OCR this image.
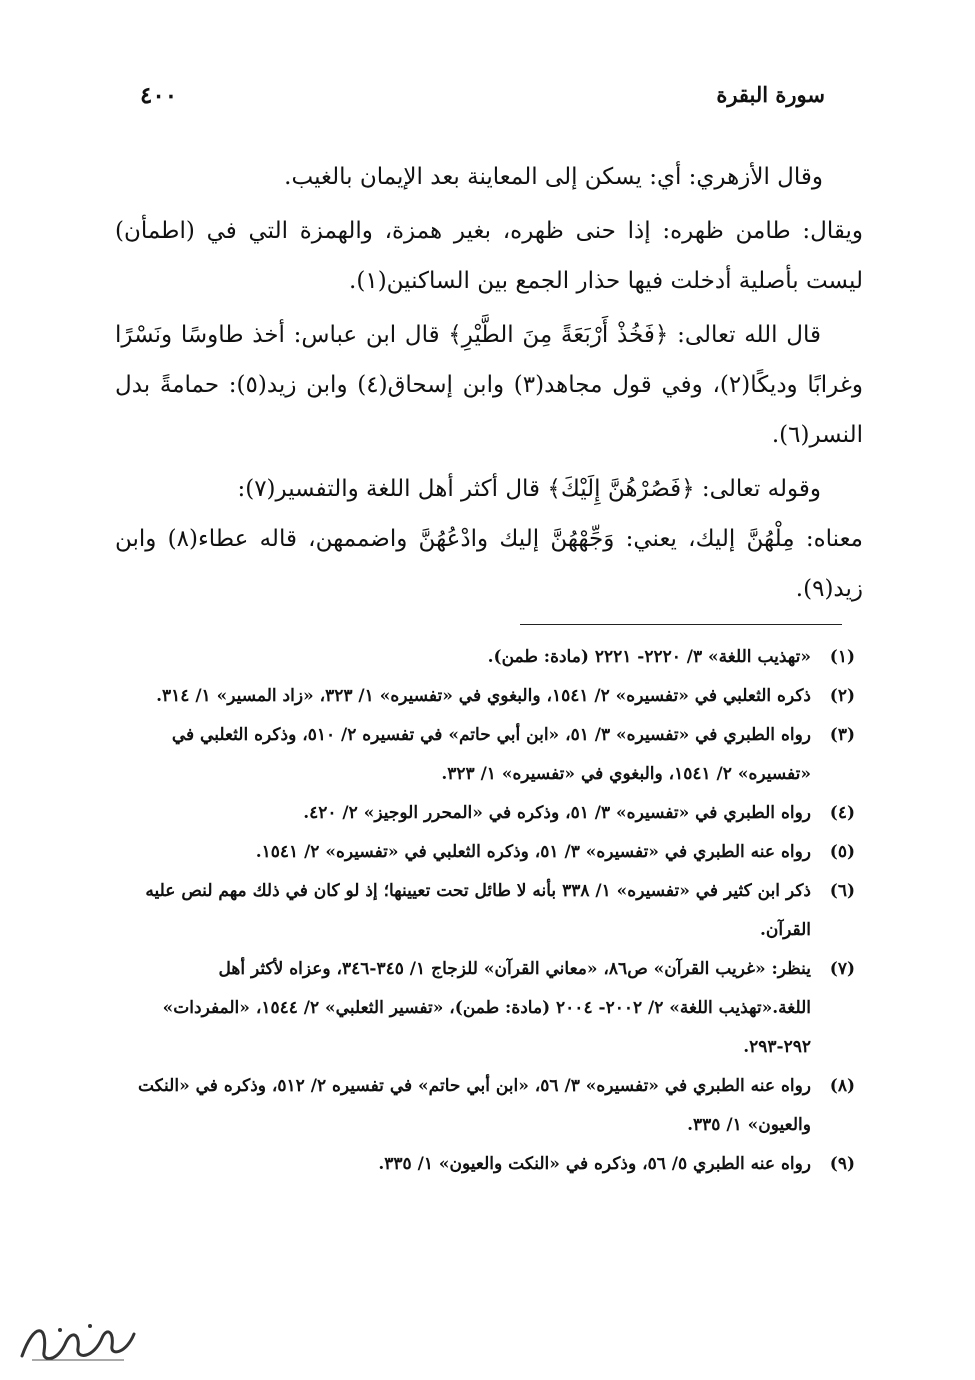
سورة البقرة
٤٠٠

وقال الأزهري: أي: يسكن إلى المعاينة بعد الإيمان بالغيب.

ويقال: طامن ظهره: إذا حنى ظهره، بغير همزة، والهمزة التي في (اطمأن) ليست بأصلية أدخلت فيها حذار الجمع بين الساكنين(١).

قال الله تعالى: ﴿فَخُذْ أَرْبَعَةً مِنَ الطَّيْرِ﴾ قال ابن عباس: أخذ طاوسًا ونَسْرًا وغرابًا وديكًا(٢)، وفي قول مجاهد(٣) وابن إسحاق(٤) وابن زيد(٥): حمامةً بدل النسر(٦).

وقوله تعالى: ﴿فَصُرْهُنَّ إِلَيْكَ﴾ قال أكثر أهل اللغة والتفسير(٧):

معناه: مِلْهُنَّ إليك، يعني: وَجِّهْهُنَّ إليك وادْعُهُنَّ واضممهن، قاله عطاء(٨) وابن زيد(٩).

(١)
«تهذيب اللغة» ٣/ ٢٢٢٠- ٢٢٢١ (مادة: طمن).
(٢)
ذكره الثعلبي في «تفسيره» ٢/ ١٥٤١، والبغوي في «تفسيره» ١/ ٣٢٣، «زاد المسير» ١/ ٣١٤.
(٣)
رواه الطبري في «تفسيره» ٣/ ٥١، «ابن أبي حاتم» في تفسيره ٢/ ٥١٠، وذكره الثعلبي في «تفسيره» ٢/ ١٥٤١، والبغوي في «تفسيره» ١/ ٣٢٣.
(٤)
رواه الطبري في «تفسيره» ٣/ ٥١، وذكره في «المحرر الوجيز» ٢/ ٤٢٠.
(٥)
رواه عنه الطبري في «تفسيره» ٣/ ٥١، وذكره الثعلبي في «تفسيره» ٢/ ١٥٤١.
(٦)
ذكر ابن كثير في «تفسيره» ١/ ٣٣٨ بأنه لا طائل تحت تعيينها؛ إذ لو كان في ذلك مهم لنص عليه القرآن.
(٧)
ينظر: «غريب القرآن» ص٨٦، «معاني القرآن» للزجاج ١/ ٣٤٥-٣٤٦، وعزاه لأكثر أهل اللغة.«تهذيب اللغة» ٢/ ٢٠٠٢- ٢٠٠٤ (مادة: طمن)، «تفسير الثعلبي» ٢/ ١٥٤٤، «المفردات» ٢٩٢-٢٩٣.
(٨)
رواه عنه الطبري في «تفسيره» ٣/ ٥٦، «ابن أبي حاتم» في تفسيره ٢/ ٥١٢، وذكره في «النكت والعيون» ١/ ٣٣٥.
(٩)
رواه عنه الطبري ٥/ ٥٦، وذكره في «النكت والعيون» ١/ ٣٣٥.
